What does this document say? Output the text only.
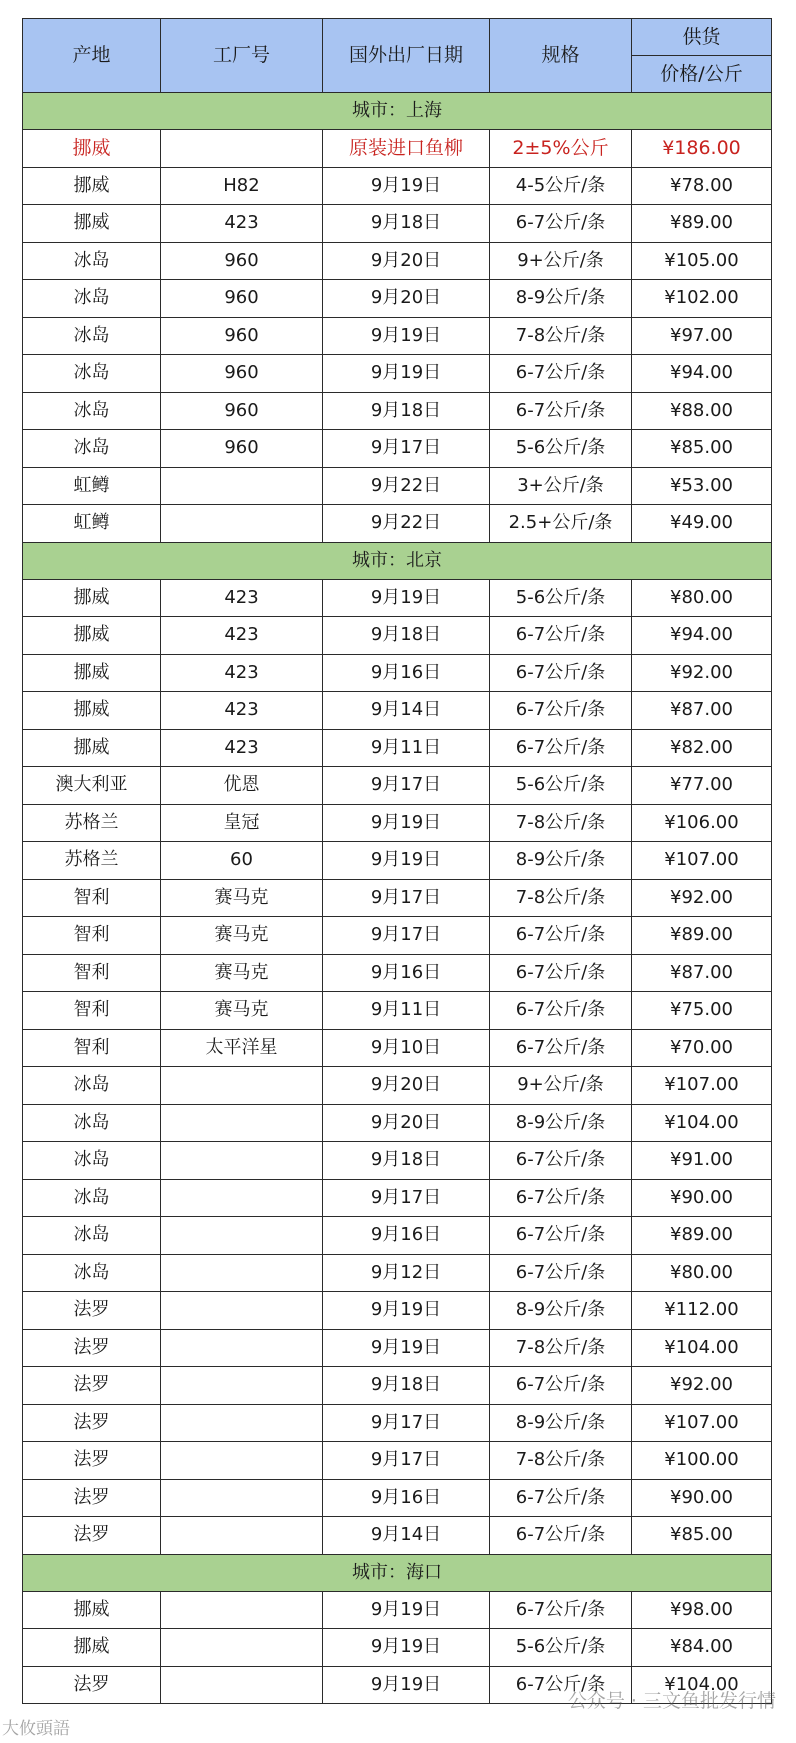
产地	工厂号	国外出厂日期	规格	供货
				价格/公斤
城市：上海				
挪威		原装进口鱼柳	2±5%公斤	¥186.00
挪威	H82	9月19日	4-5公斤/条	¥78.00
挪威	423	9月18日	6-7公斤/条	¥89.00
冰岛	960	9月20日	9+公斤/条	¥105.00
冰岛	960	9月20日	8-9公斤/条	¥102.00
冰岛	960	9月19日	7-8公斤/条	¥97.00
冰岛	960	9月19日	6-7公斤/条	¥94.00
冰岛	960	9月18日	6-7公斤/条	¥88.00
冰岛	960	9月17日	5-6公斤/条	¥85.00
虹鳟		9月22日	3+公斤/条	¥53.00
虹鳟		9月22日	2.5+公斤/条	¥49.00
城市：北京				
挪威	423	9月19日	5-6公斤/条	¥80.00
挪威	423	9月18日	6-7公斤/条	¥94.00
挪威	423	9月16日	6-7公斤/条	¥92.00
挪威	423	9月14日	6-7公斤/条	¥87.00
挪威	423	9月11日	6-7公斤/条	¥82.00
澳大利亚	优恩	9月17日	5-6公斤/条	¥77.00
苏格兰	皇冠	9月19日	7-8公斤/条	¥106.00
苏格兰	60	9月19日	8-9公斤/条	¥107.00
智利	赛马克	9月17日	7-8公斤/条	¥92.00
智利	赛马克	9月17日	6-7公斤/条	¥89.00
智利	赛马克	9月16日	6-7公斤/条	¥87.00
智利	赛马克	9月11日	6-7公斤/条	¥75.00
智利	太平洋星	9月10日	6-7公斤/条	¥70.00
冰岛		9月20日	9+公斤/条	¥107.00
冰岛		9月20日	8-9公斤/条	¥104.00
冰岛		9月18日	6-7公斤/条	¥91.00
冰岛		9月17日	6-7公斤/条	¥90.00
冰岛		9月16日	6-7公斤/条	¥89.00
冰岛		9月12日	6-7公斤/条	¥80.00
法罗		9月19日	8-9公斤/条	¥112.00
法罗		9月19日	7-8公斤/条	¥104.00
法罗		9月18日	6-7公斤/条	¥92.00
法罗		9月17日	8-9公斤/条	¥107.00
法罗		9月17日	7-8公斤/条	¥100.00
法罗		9月16日	6-7公斤/条	¥90.00
法罗		9月14日	6-7公斤/条	¥85.00
城市：海口				
挪威		9月19日	6-7公斤/条	¥98.00
挪威		9月19日	5-6公斤/条	¥84.00
法罗		9月19日	6-7公斤/条	¥104.00
大攸頭語
公众号 · 三文鱼批发行情
